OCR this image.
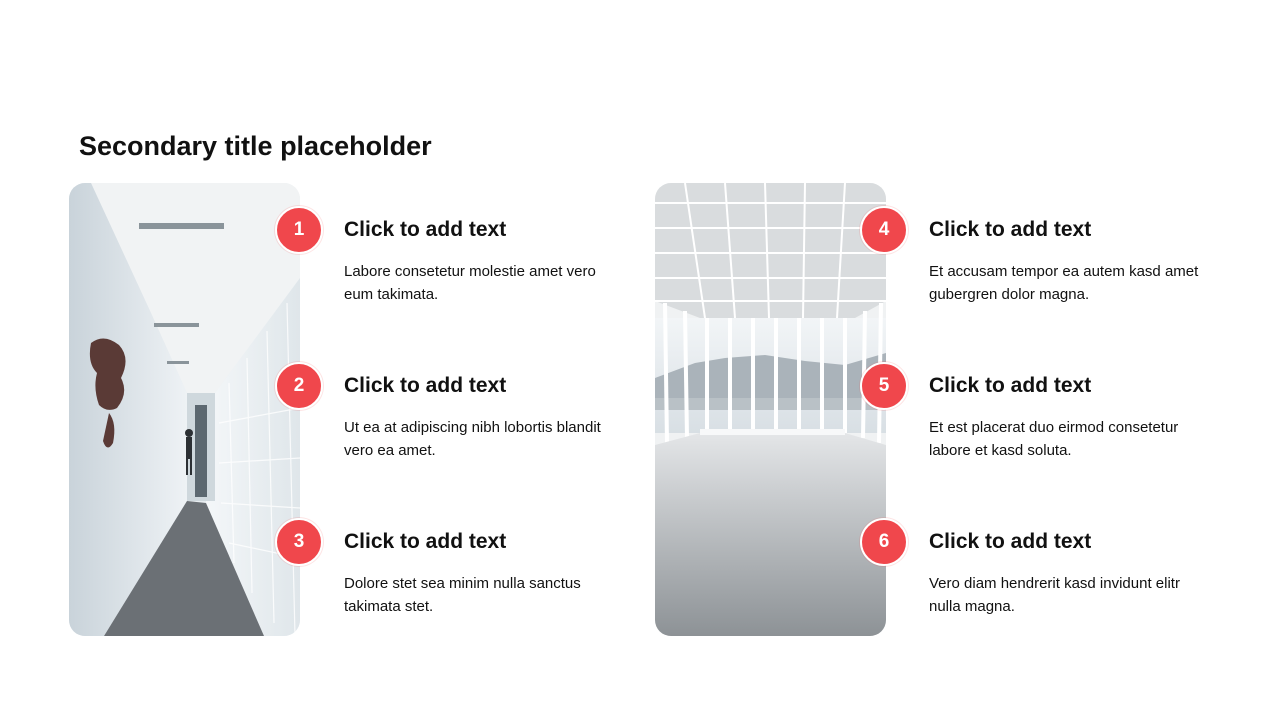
Secondary title placeholder
1	Click to add text
Labore consetetur molestie amet vero eum takimata.
2	Click to add text
Ut ea at adipiscing nibh lobortis blandit vero ea amet.
3	Click to add text
Dolore stet sea minim nulla sanctus takimata stet.
4	Click to add text
Et accusam tempor ea autem kasd amet gubergren dolor magna.
5	Click to add text
Et est placerat duo eirmod consetetur labore et kasd soluta.
6	Click to add text
Vero diam hendrerit kasd invidunt elitr nulla magna.
